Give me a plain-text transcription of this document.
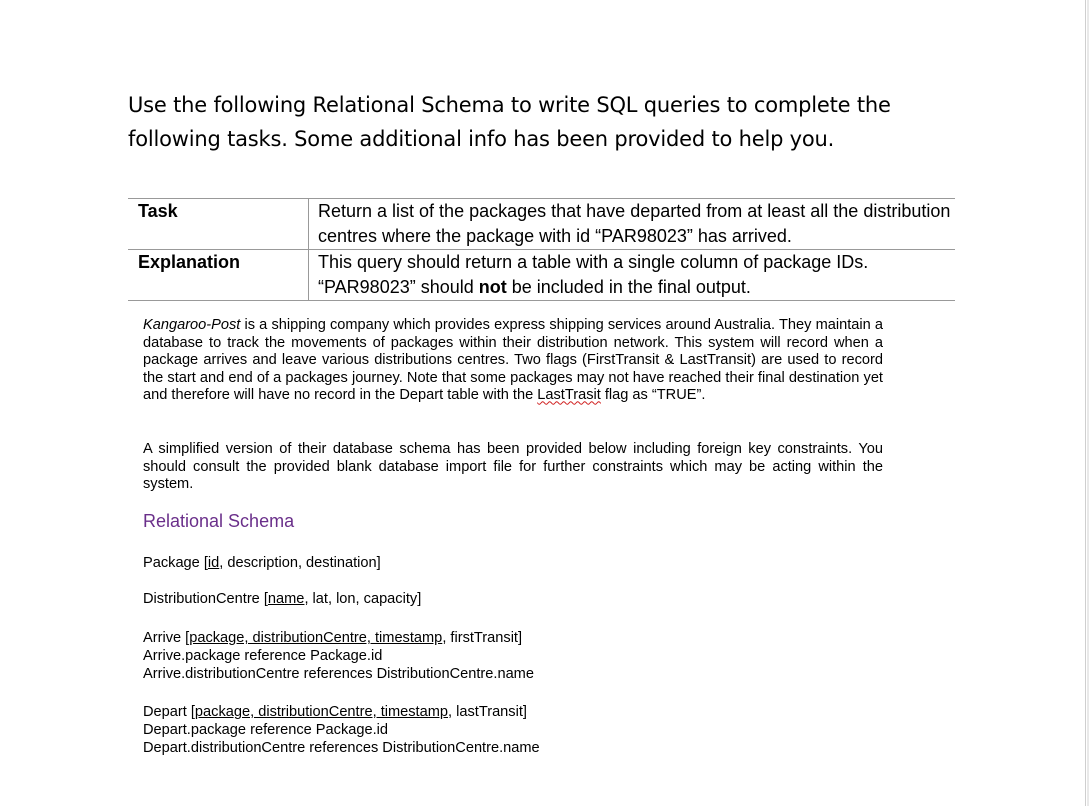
Use the following Relational Schema to write SQL queries to complete the following tasks. Some additional info has been provided to help you.
Task	Return a list of the packages that have departed from at least all the distribution centres where the package with id “PAR98023” has arrived.
Explanation	This query should return a table with a single column of package IDs.
“PAR98023” should not be included in the final output.
Kangaroo-Post is a shipping company which provides express shipping services around Australia. They maintain a database to track the movements of packages within their distribution network. This system will record when a package arrives and leave various distributions centres. Two flags (FirstTransit & LastTransit) are used to record the start and end of a packages journey. Note that some packages may not have reached their final destination yet and therefore will have no record in the Depart table with the LastTrasit flag as “TRUE”.
A simplified version of their database schema has been provided below including foreign key constraints. You should consult the provided blank database import file for further constraints which may be acting within the system.
Relational Schema
Package [id, description, destination]
DistributionCentre [name, lat, lon, capacity]
Arrive [package, distributionCentre, timestamp, firstTransit]
Arrive.package reference Package.id
Arrive.distributionCentre references DistributionCentre.name
Depart [package, distributionCentre, timestamp, lastTransit]
Depart.package reference Package.id
Depart.distributionCentre references DistributionCentre.name
